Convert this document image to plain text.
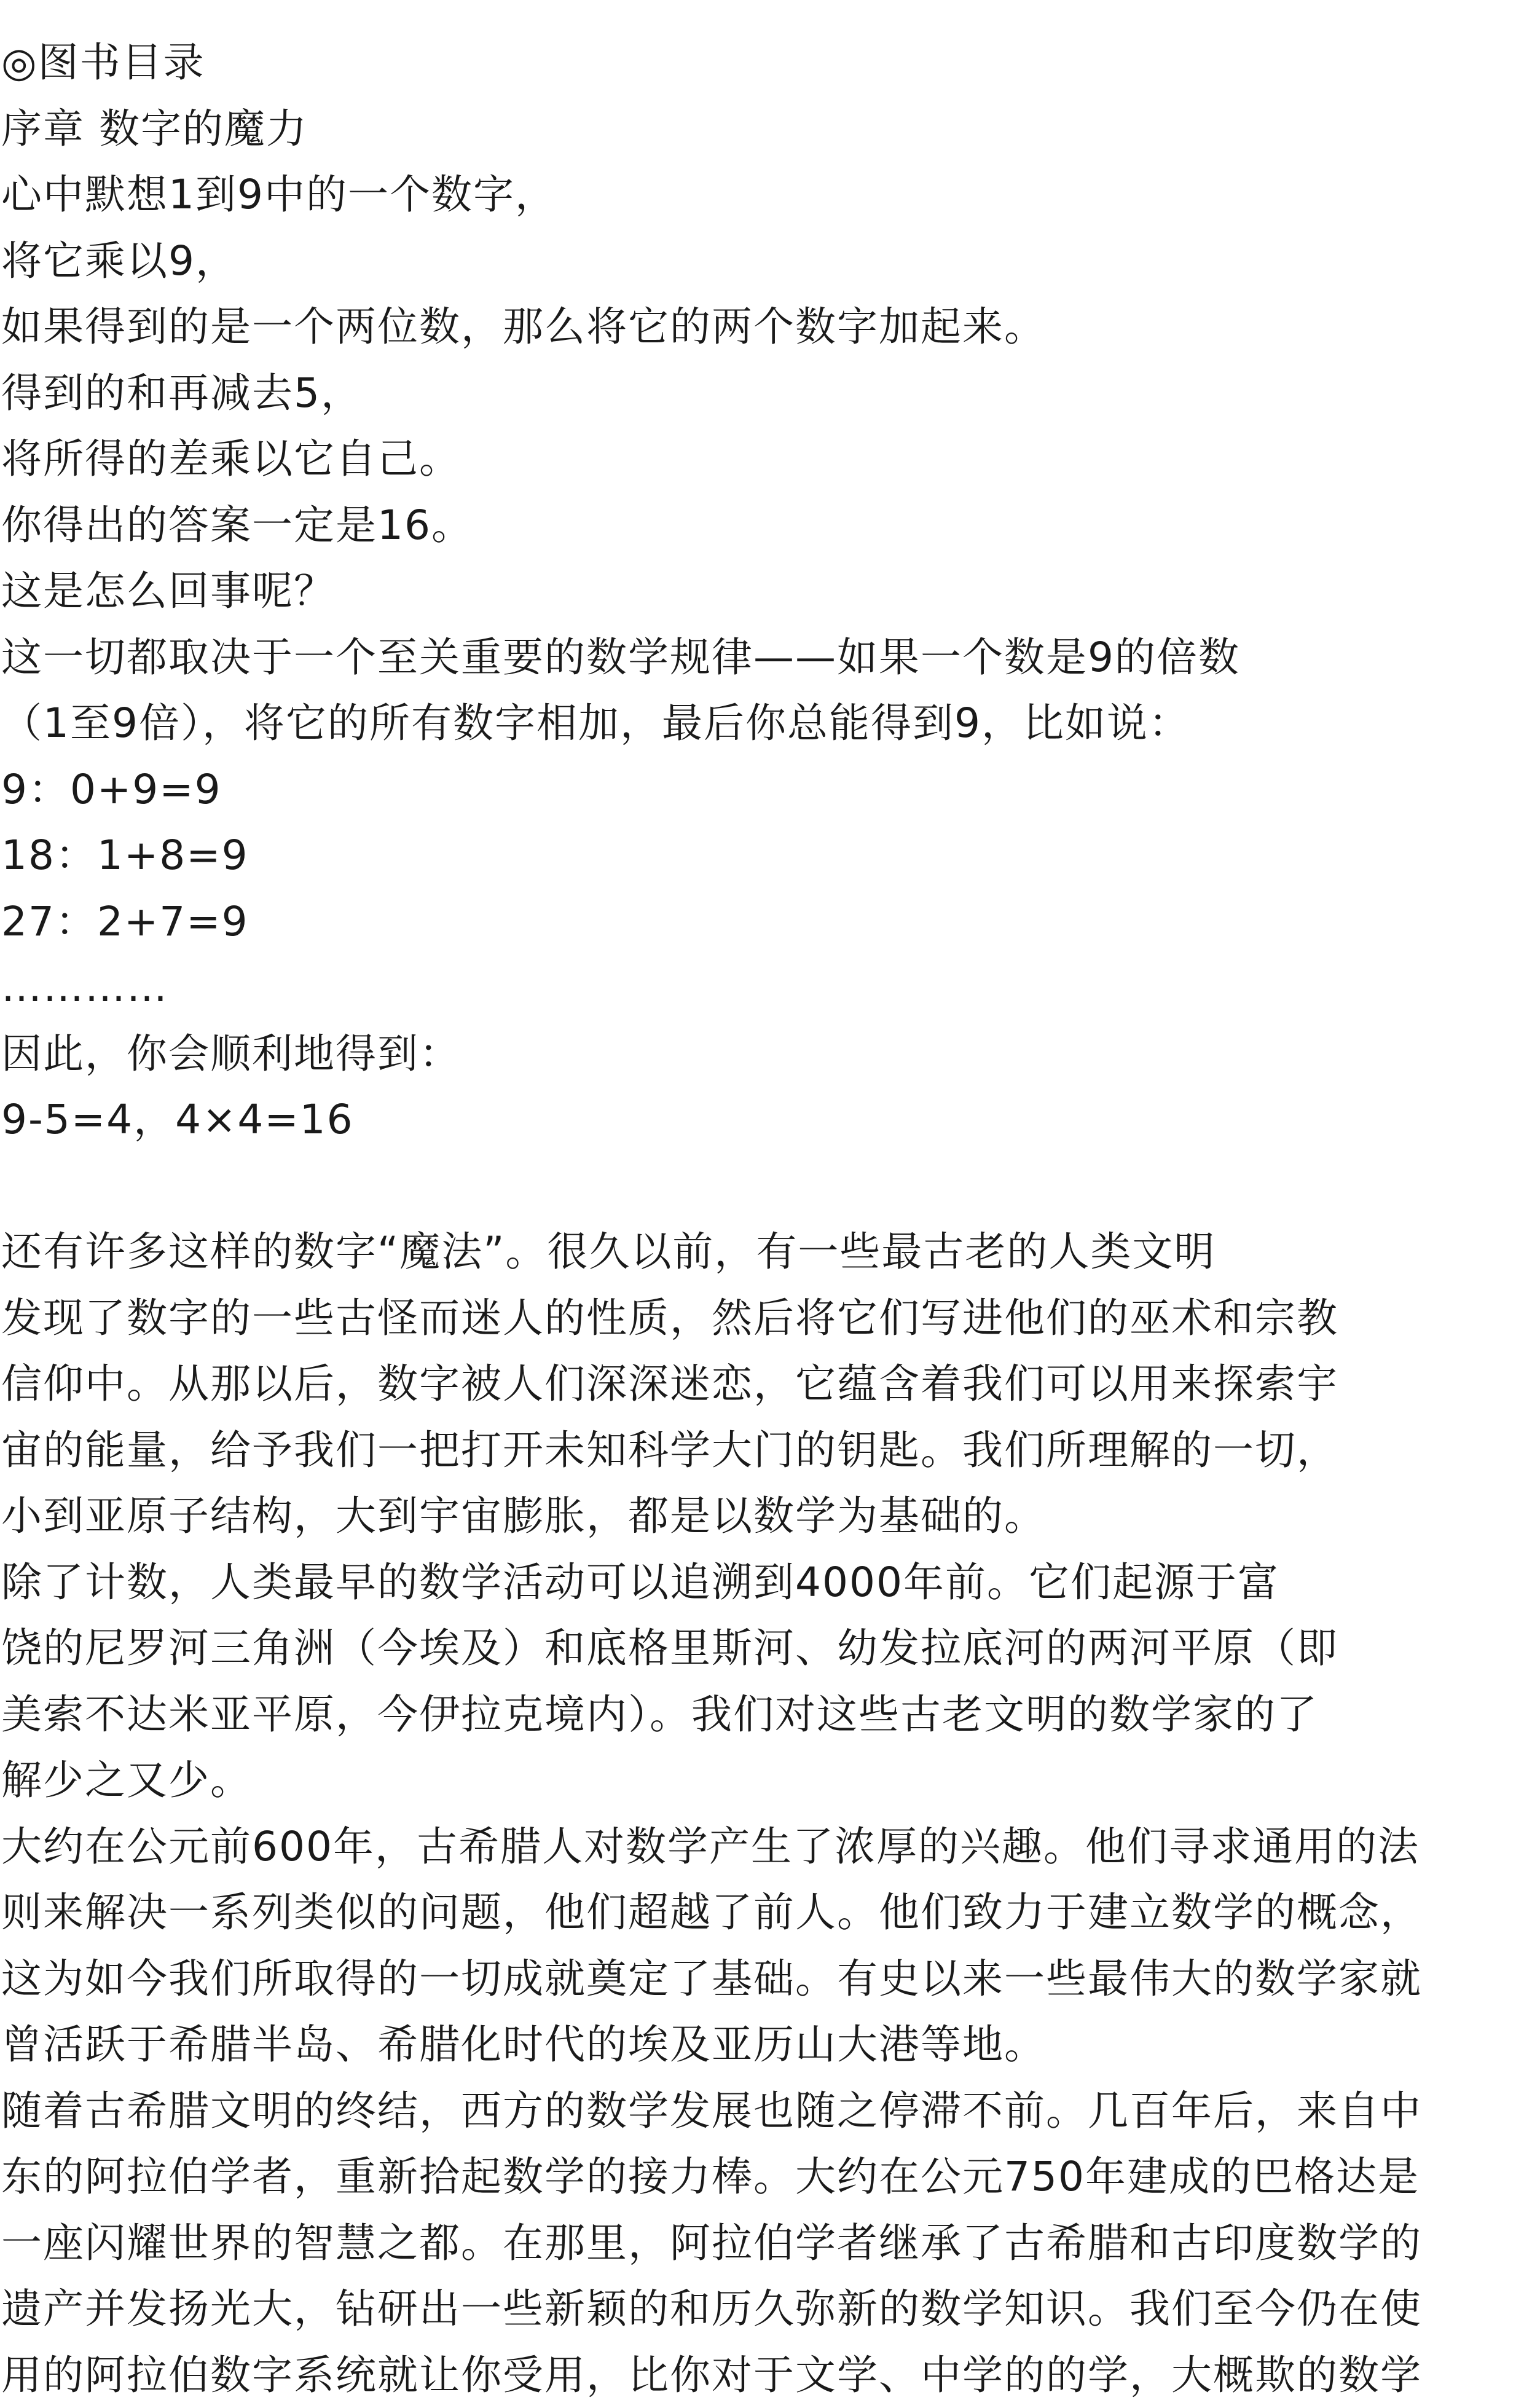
◎图书目录

序章 数字的魔力

心中默想1到9中的一个数字，

将它乘以9，

如果得到的是一个两位数，那么将它的两个数字加起来。

得到的和再减去5，

将所得的差乘以它自己。

你得出的答案一定是16。

这是怎么回事呢？

这一切都取决于一个至关重要的数学规律——如果一个数是9的倍数

（1至9倍），将它的所有数字相加，最后你总能得到9，比如说：

9：0+9=9

18：1+8=9

27：2+7=9

…………

因此，你会顺利地得到：

9-5=4，4×4=16

还有许多这样的数字“魔法”。很久以前，有一些最古老的人类文明

发现了数字的一些古怪而迷人的性质，然后将它们写进他们的巫术和宗教

信仰中。从那以后，数字被人们深深迷恋，它蕴含着我们可以用来探索宇

宙的能量，给予我们一把打开未知科学大门的钥匙。我们所理解的一切，

小到亚原子结构，大到宇宙膨胀，都是以数学为基础的。

除了计数，人类最早的数学活动可以追溯到4000年前。它们起源于富

饶的尼罗河三角洲（今埃及）和底格里斯河、幼发拉底河的两河平原（即

美索不达米亚平原，今伊拉克境内）。我们对这些古老文明的数学家的了

解少之又少。

大约在公元前600年，古希腊人对数学产生了浓厚的兴趣。他们寻求通用的法

则来解决一系列类似的问题，他们超越了前人。他们致力于建立数学的概念，

这为如今我们所取得的一切成就奠定了基础。有史以来一些最伟大的数学家就

曾活跃于希腊半岛、希腊化时代的埃及亚历山大港等地。

随着古希腊文明的终结，西方的数学发展也随之停滞不前。几百年后，来自中

东的阿拉伯学者，重新拾起数学的接力棒。大约在公元750年建成的巴格达是

一座闪耀世界的智慧之都。在那里，阿拉伯学者继承了古希腊和古印度数学的

遗产并发扬光大，钻研出一些新颖的和历久弥新的数学知识。我们至今仍在使

用的阿拉伯数字系统就让你受用，比你对于文学、中学的的学，大概欺的数学
